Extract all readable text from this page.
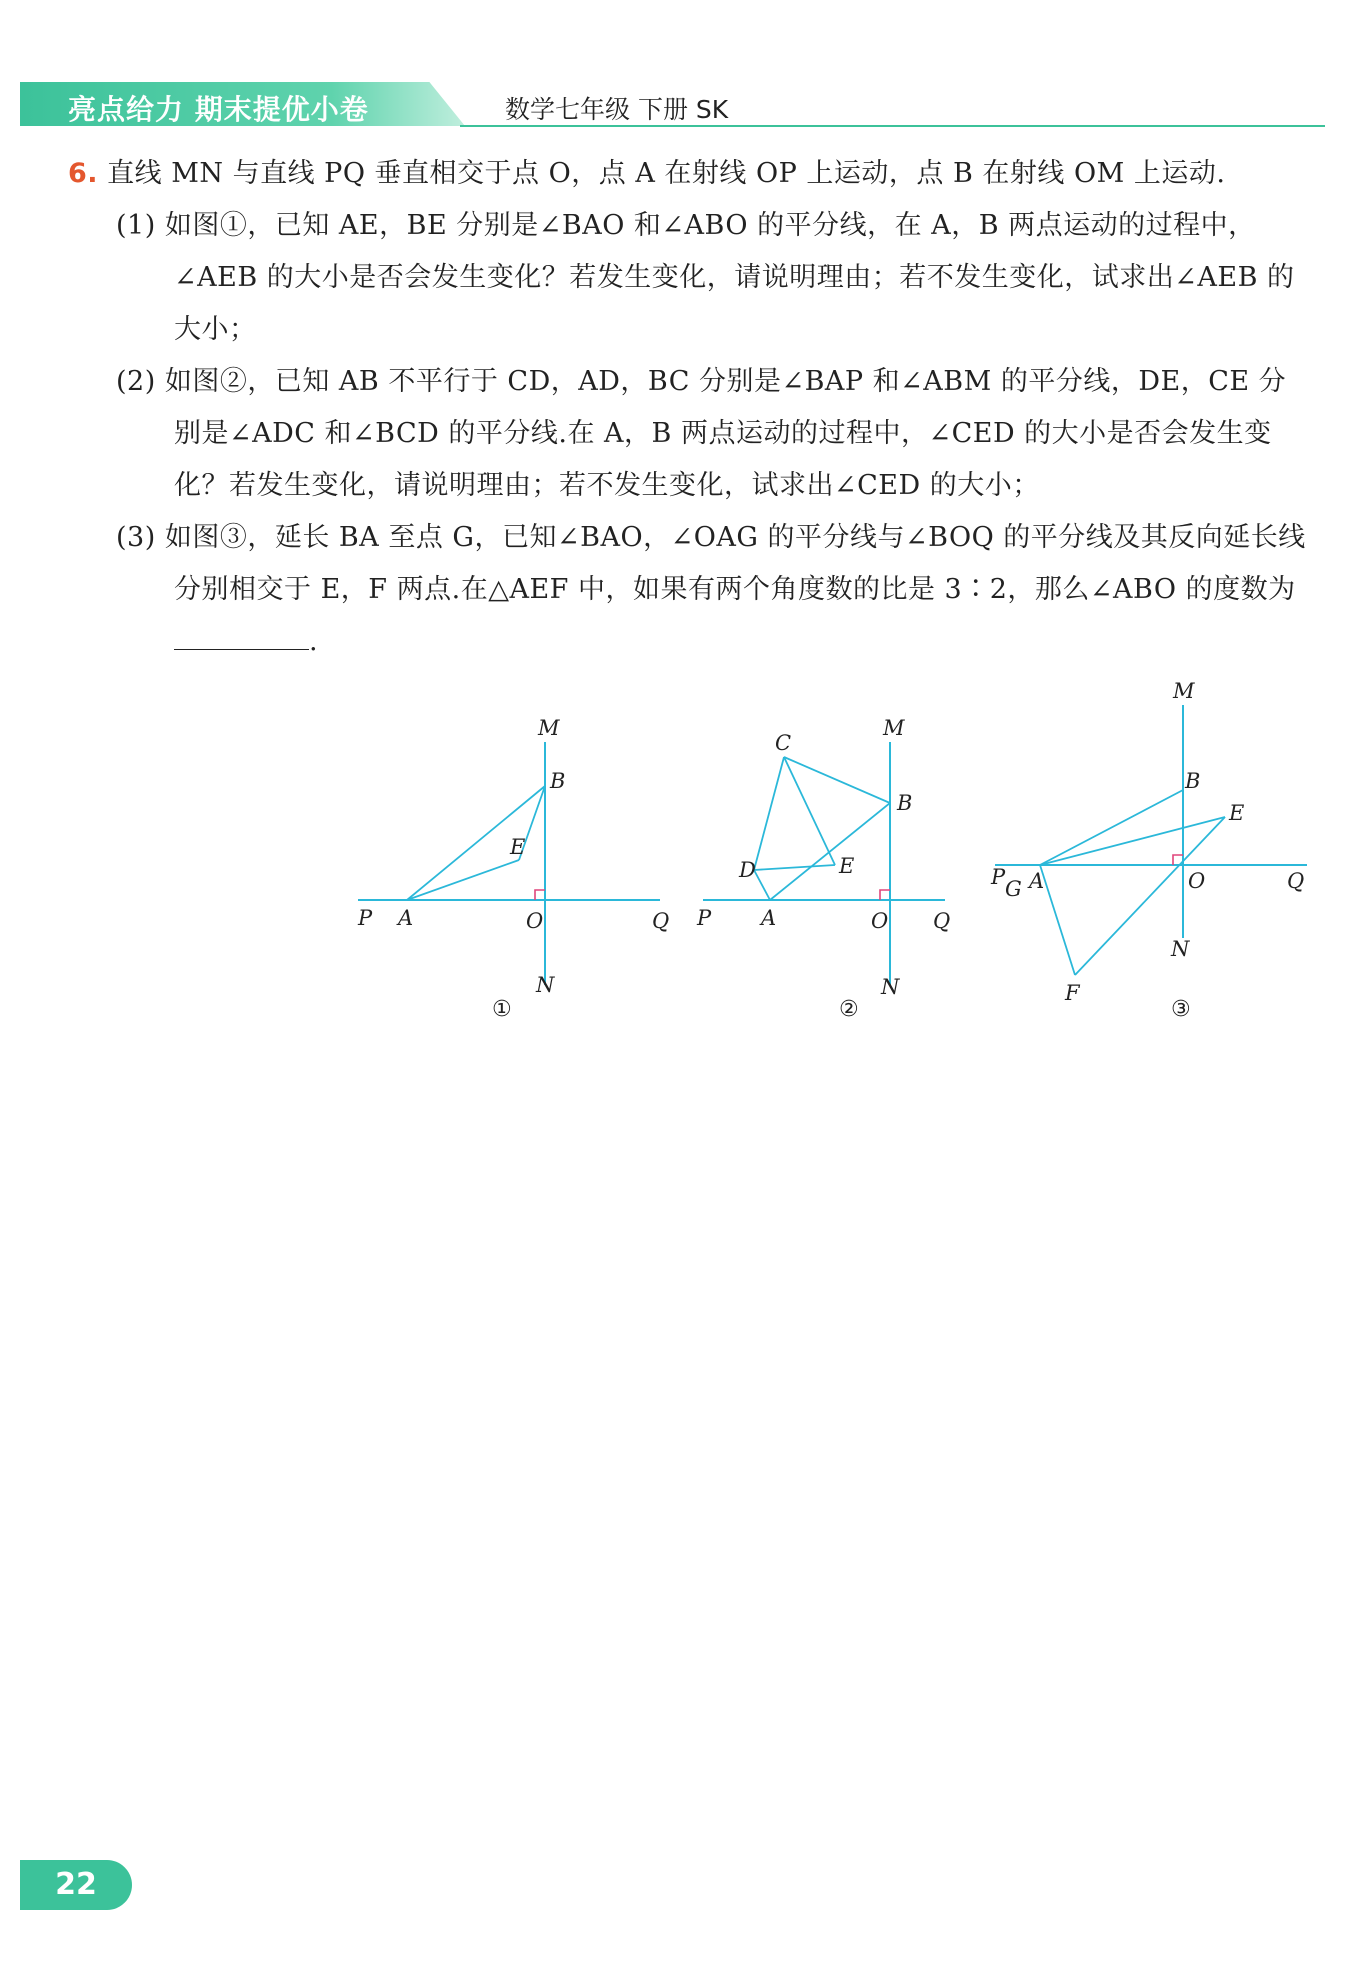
亮点给力 期末提优小卷	数学七年级 下册 SK

6. 直线 MN 与直线 PQ 垂直相交于点 O，点 A 在射线 OP 上运动，点 B 在射线 OM 上运动.

(1) 如图①，已知 AE，BE 分别是∠BAO 和∠ABO 的平分线，在 A，B 两点运动的过程中，∠AEB 的大小是否会发生变化？若发生变化，请说明理由；若不发生变化，试求出∠AEB 的大小；

(2) 如图②，已知 AB 不平行于 CD，AD，BC 分别是∠BAP 和∠ABM 的平分线，DE，CE 分别是∠ADC 和∠BCD 的平分线.在 A，B 两点运动的过程中，∠CED 的大小是否会发生变化？若发生变化，请说明理由；若不发生变化，试求出∠CED 的大小；

(3) 如图③，延长 BA 至点 G，已知∠BAO，∠OAG 的平分线与∠BOQ 的平分线及其反向延长线分别相交于 E，F 两点.在△AEF 中，如果有两个角度数的比是 3∶2，那么∠ABO 的度数为.

M
B
E
P A	O	Q
N
①
M
C
B
D	E
P A	O Q
N
②
M
B
E
P G A	O	Q
N
F
③
22
